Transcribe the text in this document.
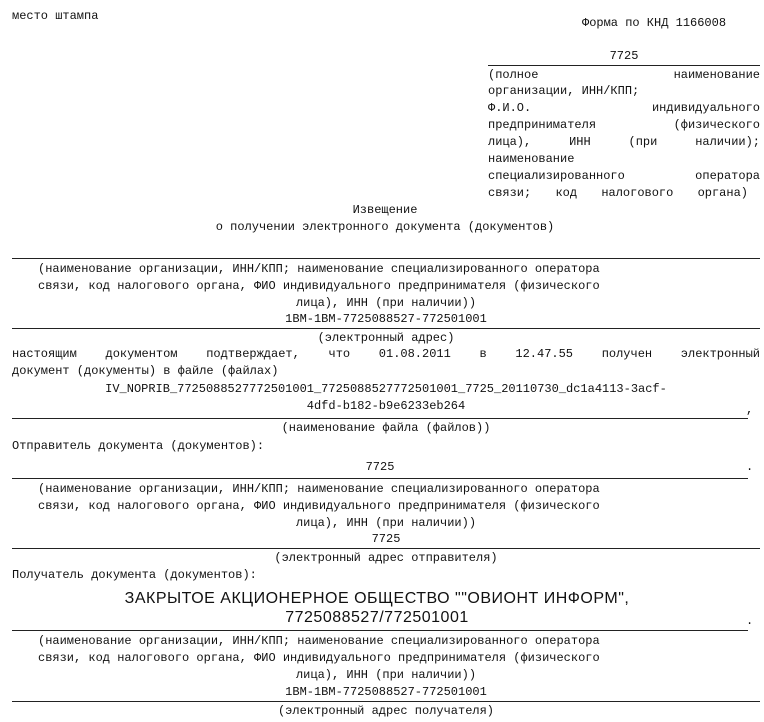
место штампа	Форма по КНД 1166008
7725
(полное наименование
организации, ИНН/КПП;
Ф.И.О. индивидуального
предпринимателя (физического
лица), ИНН (при наличии);
наименование
специализированного оператора
связи; код налогового органа)
Извещение
о получении электронного документа (документов)
(наименование организации, ИНН/КПП; наименование специализированного оператора
связи, код налогового органа, ФИО индивидуального предпринимателя (физического
лица), ИНН (при наличии))
1ВМ-1ВМ-7725088527-772501001
(электронный адрес)
настоящим документом подтверждает, что 01.08.2011 в 12.47.55 получен электронный
документ (документы) в файле (файлах)
IV_NOPRIB_7725088527772501001_7725088527772501001_7725_20110730_dc1a4113-3acf-
4dfd-b182-b9e6233eb264	,
(наименование файла (файлов))
Отправитель документа (документов):
7725	.
(наименование организации, ИНН/КПП; наименование специализированного оператора
связи, код налогового органа, ФИО индивидуального предпринимателя (физического
лица), ИНН (при наличии))
7725
(электронный адрес отправителя)
Получатель документа (документов):
ЗАКРЫТОЕ АКЦИОНЕРНОЕ ОБЩЕСТВО ""ОВИОНТ ИНФОРМ",
7725088527/772501001	.
(наименование организации, ИНН/КПП; наименование специализированного оператора
связи, код налогового органа, ФИО индивидуального предпринимателя (физического
лица), ИНН (при наличии))
1ВМ-1ВМ-7725088527-772501001
(электронный адрес получателя)
